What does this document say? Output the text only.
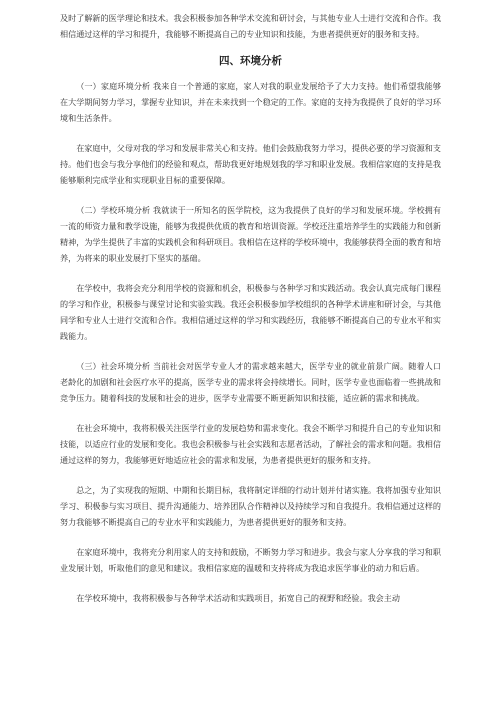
及时了解新的医学理论和技术。我会积极参加各种学术交流和研讨会，与其他专业人士进行交流和合作。我相信通过这样的学习和提升，我能够不断提高自己的专业知识和技能，为患者提供更好的服务和支持。

四、环境分析

（一）家庭环境分析 我来自一个普通的家庭，家人对我的职业发展给予了大力支持。他们希望我能够在大学期间努力学习，掌握专业知识，并在未来找到一个稳定的工作。家庭的支持为我提供了良好的学习环境和生活条件。

在家庭中，父母对我的学习和发展非常关心和支持。他们会鼓励我努力学习，提供必要的学习资源和支持。他们也会与我分享他们的经验和观点，帮助我更好地规划我的学习和职业发展。我相信家庭的支持是我能够顺利完成学业和实现职业目标的重要保障。

（二）学校环境分析 我就读于一所知名的医学院校，这为我提供了良好的学习和发展环境。学校拥有一流的师资力量和教学设施，能够为我提供优质的教育和培训资源。学校还注重培养学生的实践能力和创新精神，为学生提供了丰富的实践机会和科研项目。我相信在这样的学校环境中，我能够获得全面的教育和培养，为将来的职业发展打下坚实的基础。

在学校中，我将会充分利用学校的资源和机会，积极参与各种学习和实践活动。我会认真完成每门课程的学习和作业，积极参与课堂讨论和实验实践。我还会积极参加学校组织的各种学术讲座和研讨会，与其他同学和专业人士进行交流和合作。我相信通过这样的学习和实践经历，我能够不断提高自己的专业水平和实践能力。

（三）社会环境分析 当前社会对医学专业人才的需求越来越大，医学专业的就业前景广阔。随着人口老龄化的加剧和社会医疗水平的提高，医学专业的需求将会持续增长。同时，医学专业也面临着一些挑战和竞争压力。随着科技的发展和社会的进步，医学专业需要不断更新知识和技能，适应新的需求和挑战。

在社会环境中，我将积极关注医学行业的发展趋势和需求变化。我会不断学习和提升自己的专业知识和技能，以适应行业的发展和变化。我也会积极参与社会实践和志愿者活动，了解社会的需求和问题。我相信通过这样的努力，我能够更好地适应社会的需求和发展，为患者提供更好的服务和支持。

总之，为了实现我的短期、中期和长期目标，我将制定详细的行动计划并付诸实施。我将加强专业知识学习、积极参与实习项目、提升沟通能力、培养团队合作精神以及持续学习和自我提升。我相信通过这样的努力我能够不断提高自己的专业水平和实践能力，为患者提供更好的服务和支持。

在家庭环境中，我将充分利用家人的支持和鼓励，不断努力学习和进步。我会与家人分享我的学习和职业发展计划，听取他们的意见和建议。我相信家庭的温暖和支持将成为我追求医学事业的动力和后盾。

在学校环境中，我将积极参与各种学术活动和实践项目，拓宽自己的视野和经验。我会主动
